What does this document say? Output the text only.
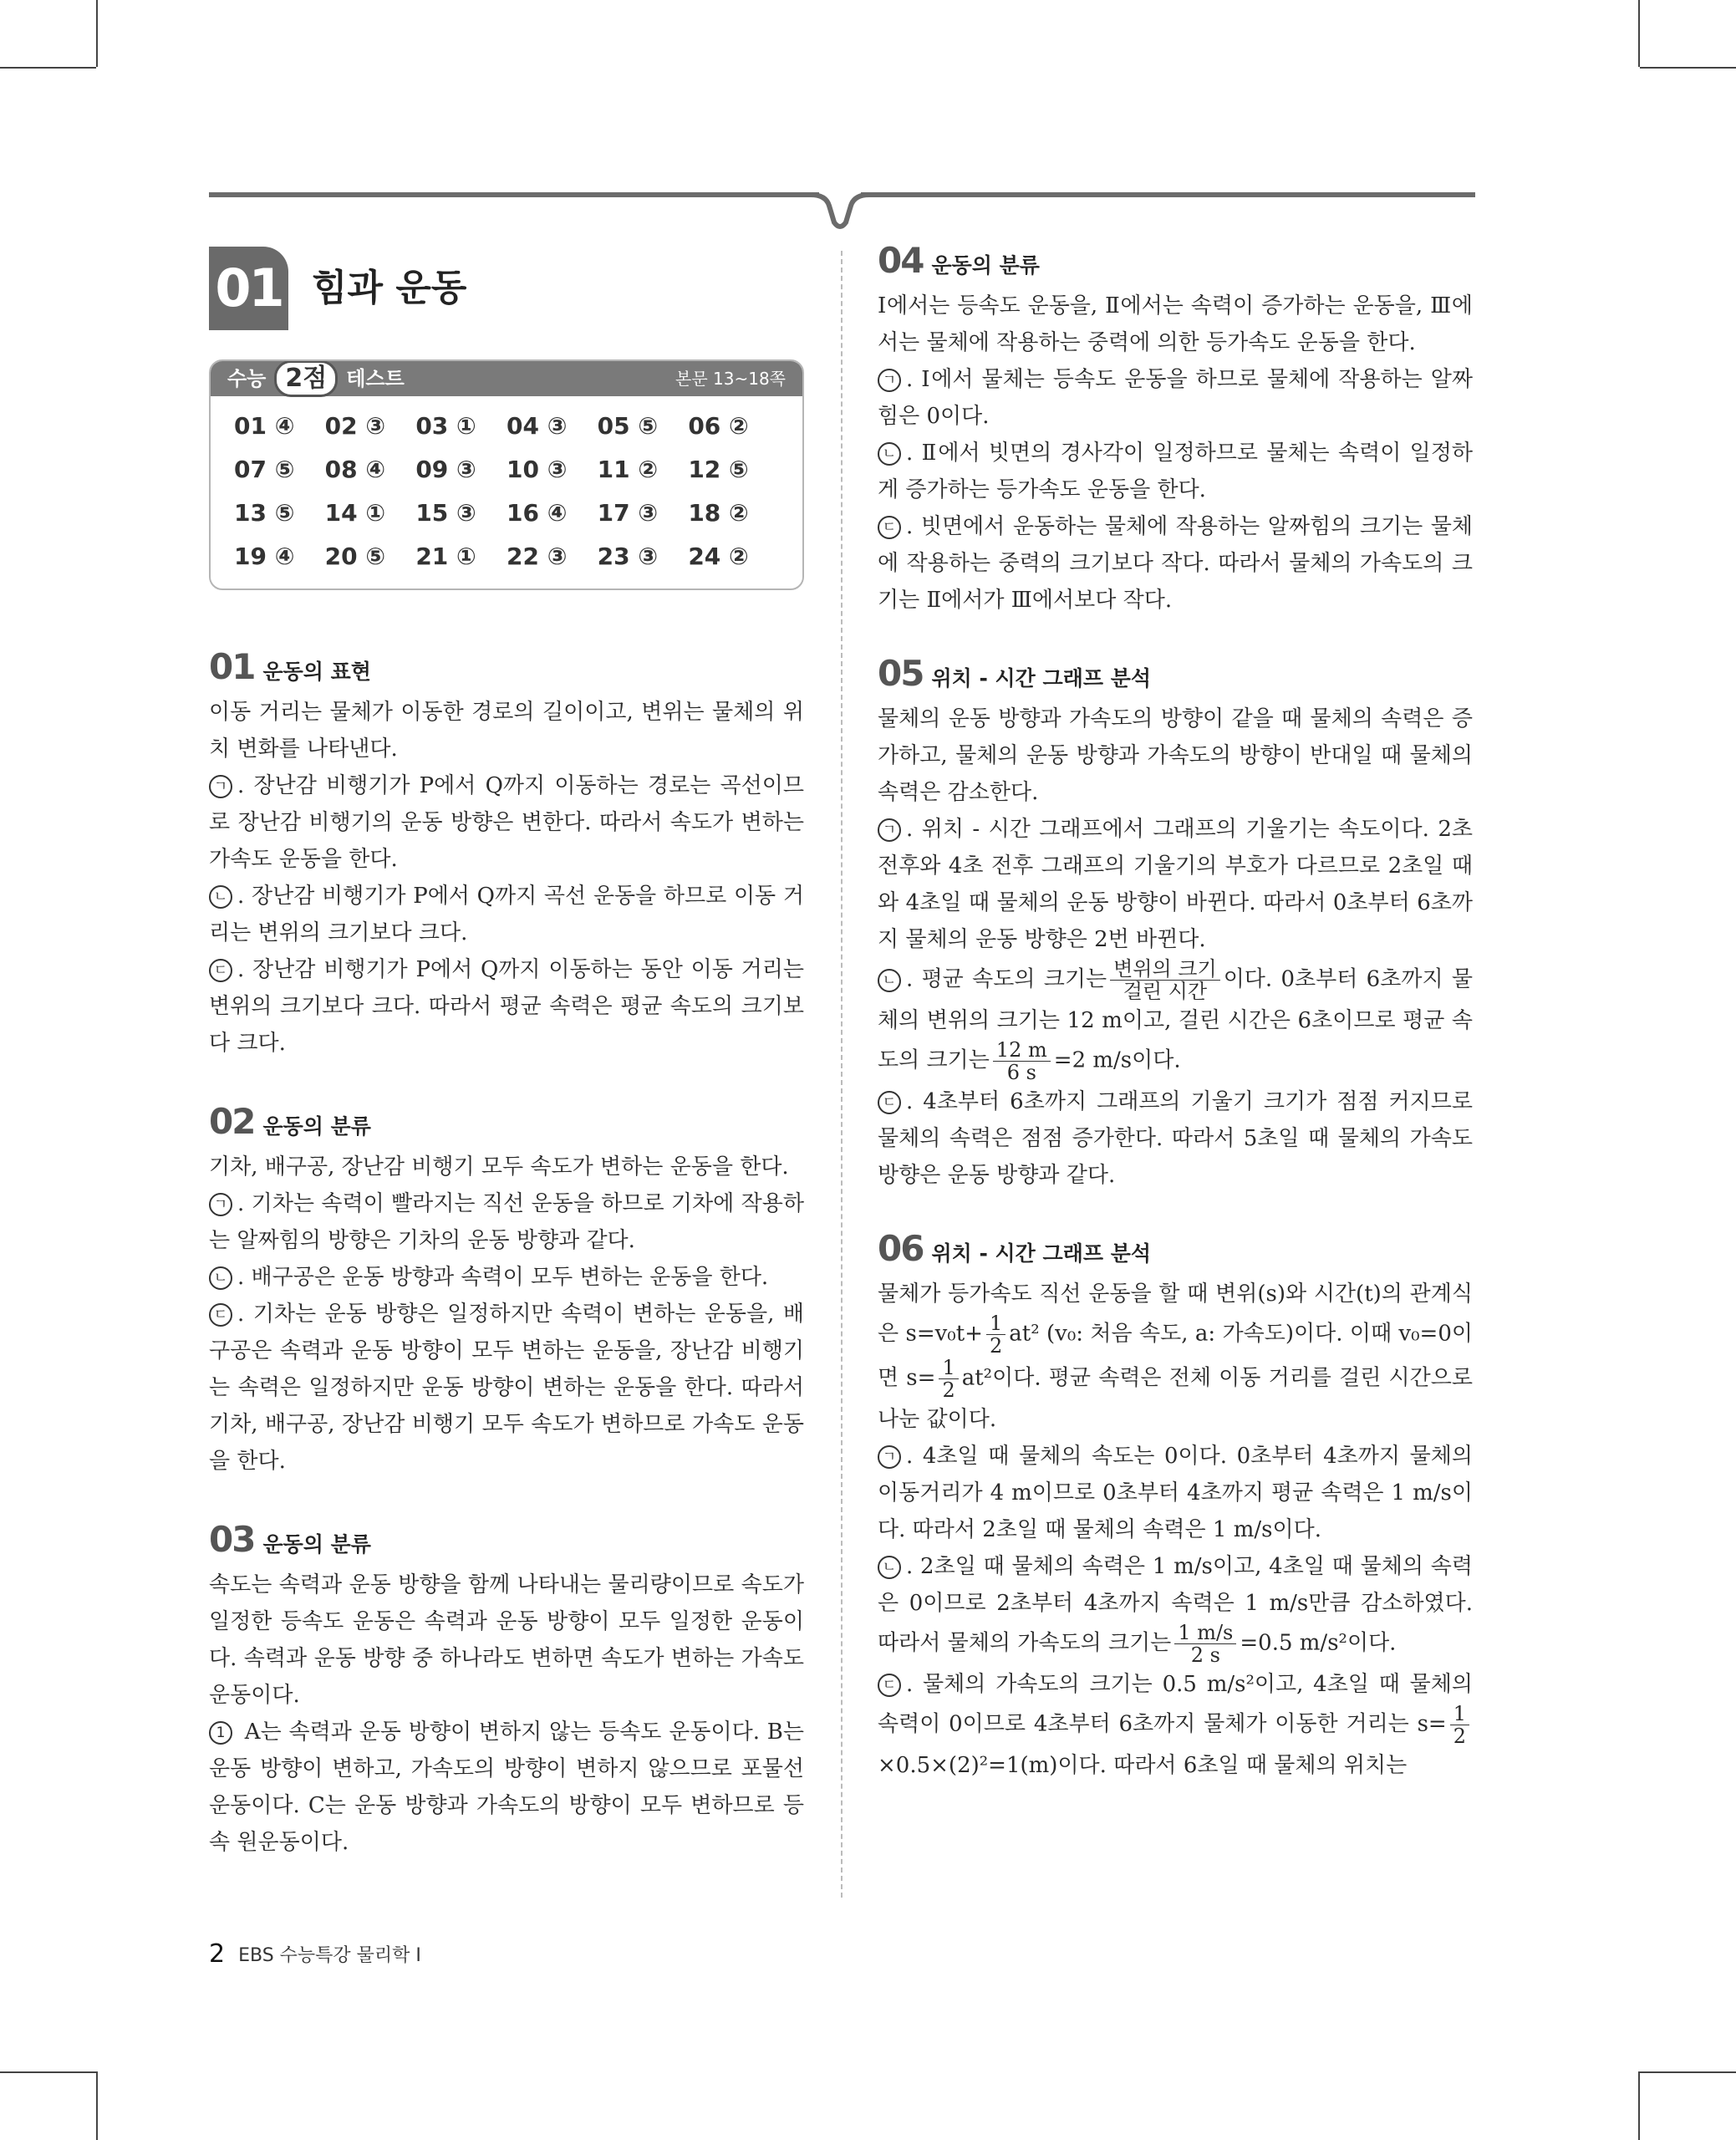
01 힘과 운동
수능 2점 테스트	본문 13~18쪽
01 ④	02 ③	03 ①	04 ③	05 ⑤	06 ②
07 ⑤	08 ④	09 ③	10 ③	11 ②	12 ⑤
13 ⑤	14 ①	15 ③	16 ④	17 ③	18 ②
19 ④	20 ⑤	21 ①	22 ③	23 ③	24 ②
01 운동의 표현

이동 거리는 물체가 이동한 경로의 길이이고, 변위는 물체의 위치 변화를 나타낸다.

ㄱ . 장난감 비행기가 P에서 Q까지 이동하는 경로는 곡선이므로 장난감 비행기의 운동 방향은 변한다. 따라서 속도가 변하는 가속도 운동을 한다.

ㄴ . 장난감 비행기가 P에서 Q까지 곡선 운동을 하므로 이동 거리는 변위의 크기보다 크다.

ㄷ . 장난감 비행기가 P에서 Q까지 이동하는 동안 이동 거리는 변위의 크기보다 크다. 따라서 평균 속력은 평균 속도의 크기보다 크다.

02 운동의 분류

기차, 배구공, 장난감 비행기 모두 속도가 변하는 운동을 한다.

ㄱ . 기차는 속력이 빨라지는 직선 운동을 하므로 기차에 작용하는 알짜힘의 방향은 기차의 운동 방향과 같다.

ㄴ . 배구공은 운동 방향과 속력이 모두 변하는 운동을 한다.

ㄷ . 기차는 운동 방향은 일정하지만 속력이 변하는 운동을, 배구공은 속력과 운동 방향이 모두 변하는 운동을, 장난감 비행기는 속력은 일정하지만 운동 방향이 변하는 운동을 한다. 따라서 기차, 배구공, 장난감 비행기 모두 속도가 변하므로 가속도 운동을 한다.

03 운동의 분류

속도는 속력과 운동 방향을 함께 나타내는 물리량이므로 속도가 일정한 등속도 운동은 속력과 운동 방향이 모두 일정한 운동이다. 속력과 운동 방향 중 하나라도 변하면 속도가 변하는 가속도 운동이다.

1 A는 속력과 운동 방향이 변하지 않는 등속도 운동이다. B는 운동 방향이 변하고, 가속도의 방향이 변하지 않으므로 포물선 운동이다. C는 운동 방향과 가속도의 방향이 모두 변하므로 등속 원운동이다.

04 운동의 분류

Ⅰ에서는 등속도 운동을, Ⅱ에서는 속력이 증가하는 운동을, Ⅲ에서는 물체에 작용하는 중력에 의한 등가속도 운동을 한다.

ㄱ . Ⅰ에서 물체는 등속도 운동을 하므로 물체에 작용하는 알짜힘은 0이다.

ㄴ . Ⅱ에서 빗면의 경사각이 일정하므로 물체는 속력이 일정하게 증가하는 등가속도 운동을 한다.

ㄷ . 빗면에서 운동하는 물체에 작용하는 알짜힘의 크기는 물체에 작용하는 중력의 크기보다 작다. 따라서 물체의 가속도의 크기는 Ⅱ에서가 Ⅲ에서보다 작다.

05 위치 - 시간 그래프 분석

물체의 운동 방향과 가속도의 방향이 같을 때 물체의 속력은 증가하고, 물체의 운동 방향과 가속도의 방향이 반대일 때 물체의 속력은 감소한다.

ㄱ . 위치 - 시간 그래프에서 그래프의 기울기는 속도이다. 2초 전후와 4초 전후 그래프의 기울기의 부호가 다르므로 2초일 때와 4초일 때 물체의 운동 방향이 바뀐다. 따라서 0초부터 6초까지 물체의 운동 방향은 2번 바뀐다.

ㄴ . 평균 속도의 크기는 $\frac{\text{변위의 크기}}{\text{걸린 시간}}$ 이다. 0초부터 6초까지 물체의 변위의 크기는 12 m이고, 걸린 시간은 6초이므로 평균 속도의 크기는 $\frac{12 m}{6 s} =2$ m/s이다.

ㄷ . 4초부터 6초까지 그래프의 기울기 크기가 점점 커지므로 물체의 속력은 점점 증가한다. 따라서 5초일 때 물체의 가속도 방향은 운동 방향과 같다.

06 위치 - 시간 그래프 분석

물체가 등가속도 직선 운동을 할 때 변위(s)와 시간(t)의 관계식은 $s=v_0t+ \frac{1}{2} at^2$ (v₀: 처음 속도, a: 가속도)이다. 이때 v₀=0이면 $s= \frac{1}{2} at^2$이다. 평균 속력은 전체 이동 거리를 걸린 시간으로 나눈 값이다.

ㄱ . 4초일 때 물체의 속도는 0이다. 0초부터 4초까지 물체의 이동거리가 4 m이므로 0초부터 4초까지 평균 속력은 1 m/s이다. 따라서 2초일 때 물체의 속력은 1 m/s이다.

ㄴ . 2초일 때 물체의 속력은 1 m/s이고, 4초일 때 물체의 속력은 0이므로 2초부터 4초까지 속력은 1 m/s만큼 감소하였다. 따라서 물체의 가속도의 크기는 $\frac{1 m/s}{2 s} =0.5$ m/s²이다.

ㄷ . 물체의 가속도의 크기는 0.5 m/s²이고, 4초일 때 물체의 속력이 0이므로 4초부터 6초까지 물체가 이동한 거리는 $s= \frac{1}{2}$
×0.5×(2)²=1(m)이다. 따라서 6초일 때 물체의 위치는

2 EBS 수능특강 물리학 Ⅰ
